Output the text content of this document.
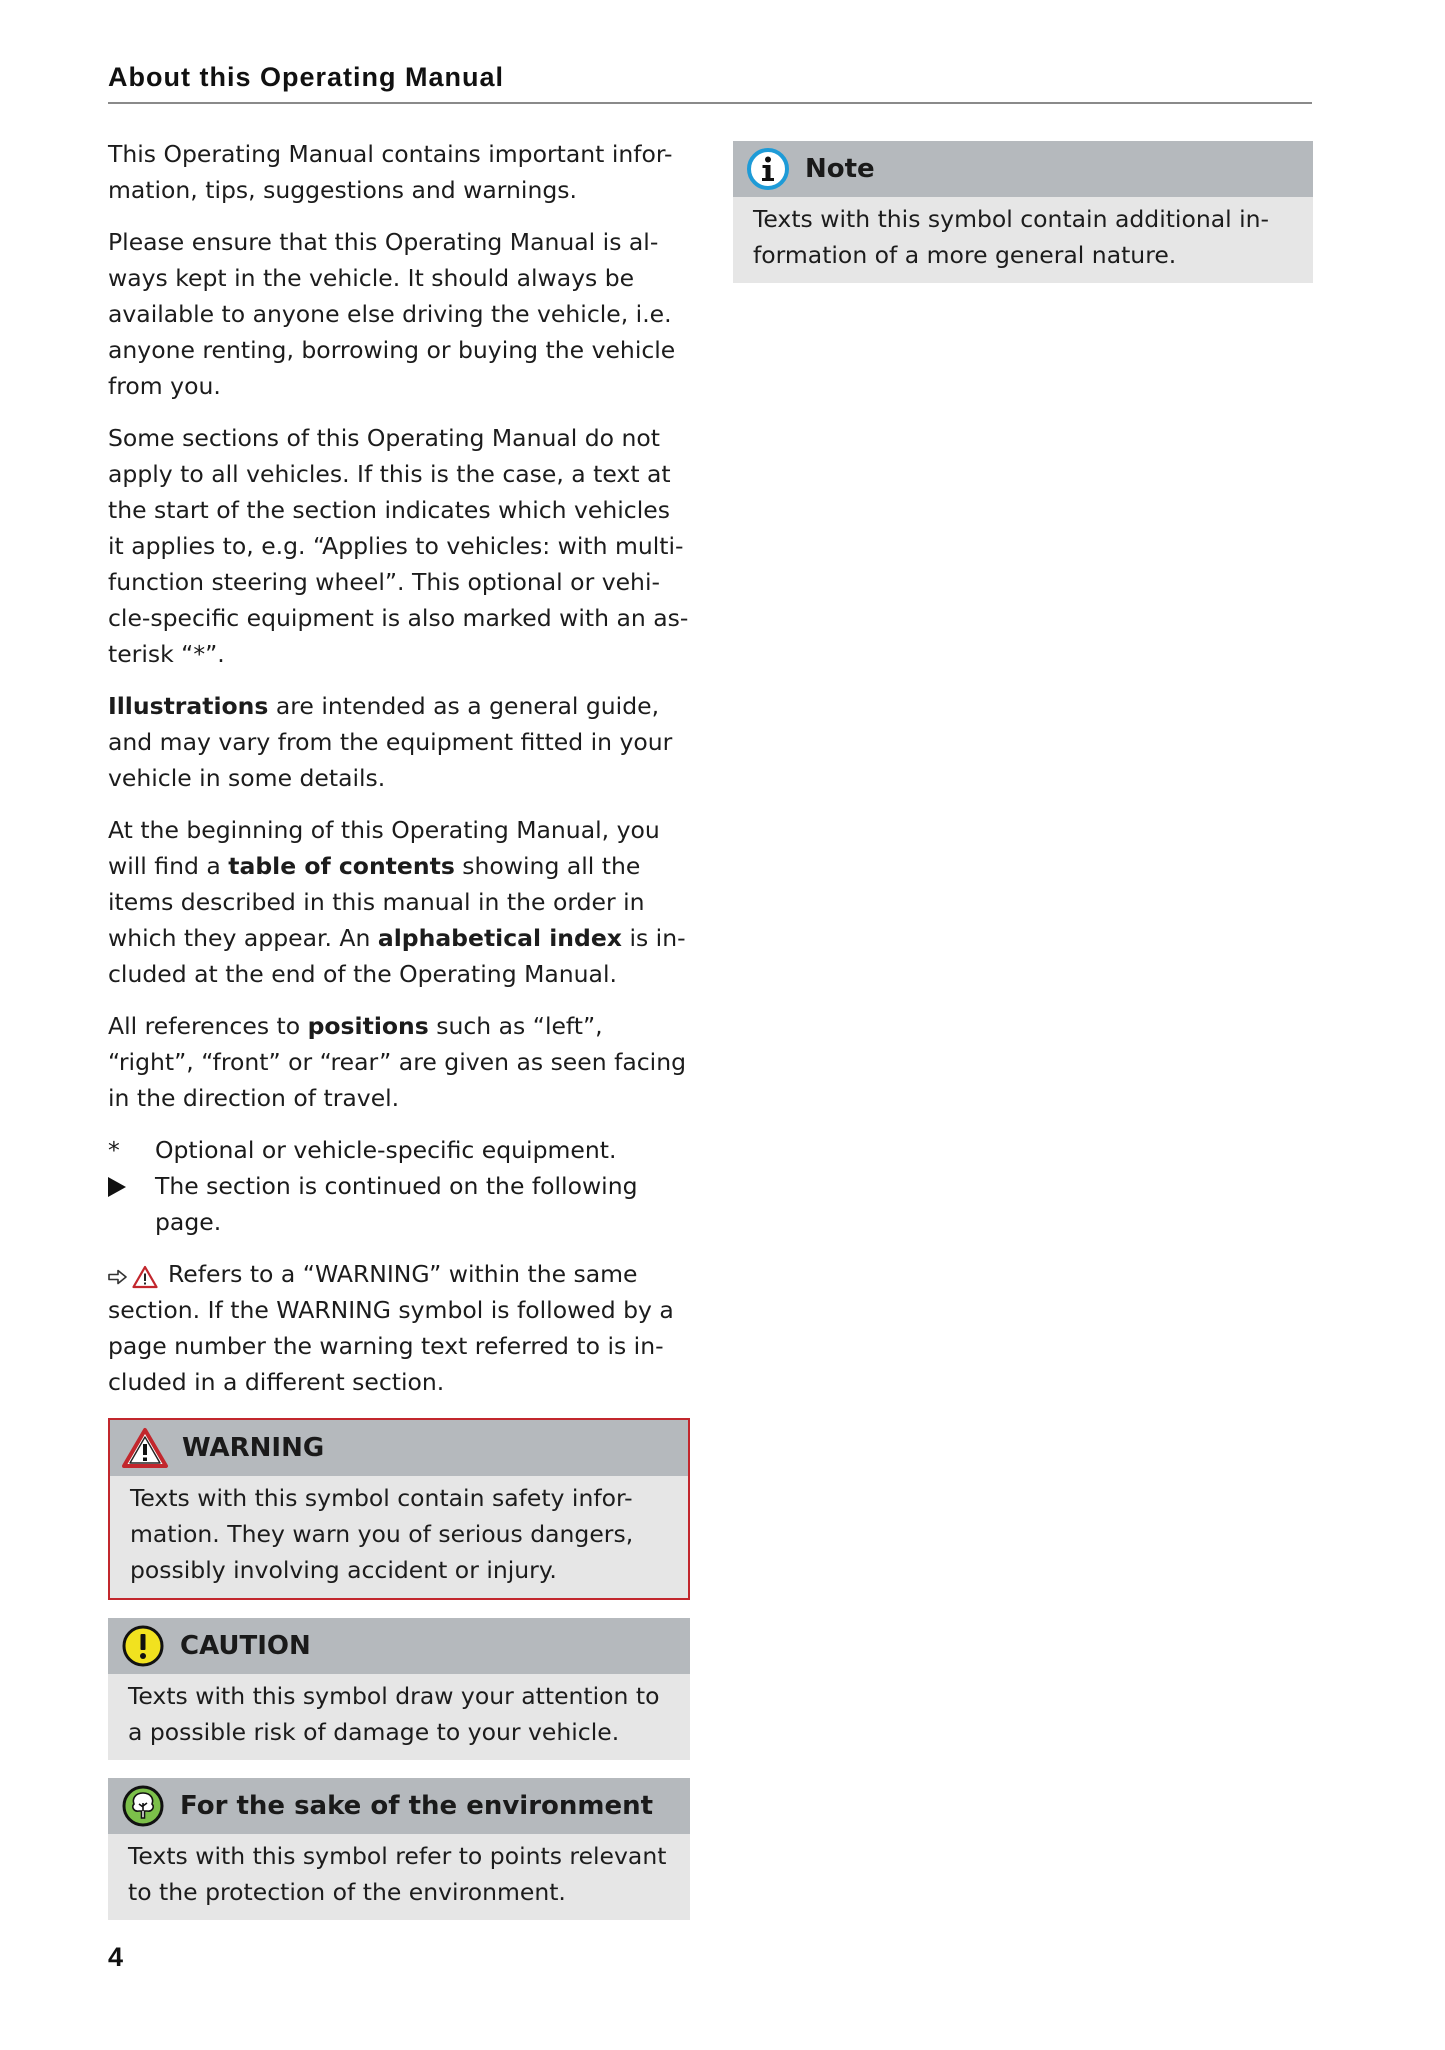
About this Operating Manual

This Operating Manual contains important infor-mation, tips, suggestions and warnings.

Please ensure that this Operating Manual is al-ways kept in the vehicle. It should always be available to anyone else driving the vehicle, i.e. anyone renting, borrowing or buying the vehicle from you.

Some sections of this Operating Manual do not apply to all vehicles. If this is the case, a text at the start of the section indicates which vehicles it applies to, e.g. “Applies to vehicles: with multi-function steering wheel”. This optional or vehi-cle-specific equipment is also marked with an as-terisk “*”.

Illustrations are intended as a general guide, and may vary from the equipment fitted in your vehicle in some details.

At the beginning of this Operating Manual, you will find a table of contents showing all the items described in this manual in the order in which they appear. An alphabetical index is in-cluded at the end of the Operating Manual.

All references to positions such as “left”, “right”, “front” or “rear” are given as seen facing in the direction of travel.

*	Optional or vehicle-specific equipment.
The section is continued on the following page.

Refers to a “WARNING” within the same section. If the WARNING symbol is followed by a page number the warning text referred to is in-cluded in a different section.

WARNING
Texts with this symbol contain safety infor-mation. They warn you of serious dangers, possibly involving accident or injury.
CAUTION
Texts with this symbol draw your attention to a possible risk of damage to your vehicle.
For the sake of the environment
Texts with this symbol refer to points relevant to the protection of the environment.
Note
Texts with this symbol contain additional in-formation of a more general nature.
4
